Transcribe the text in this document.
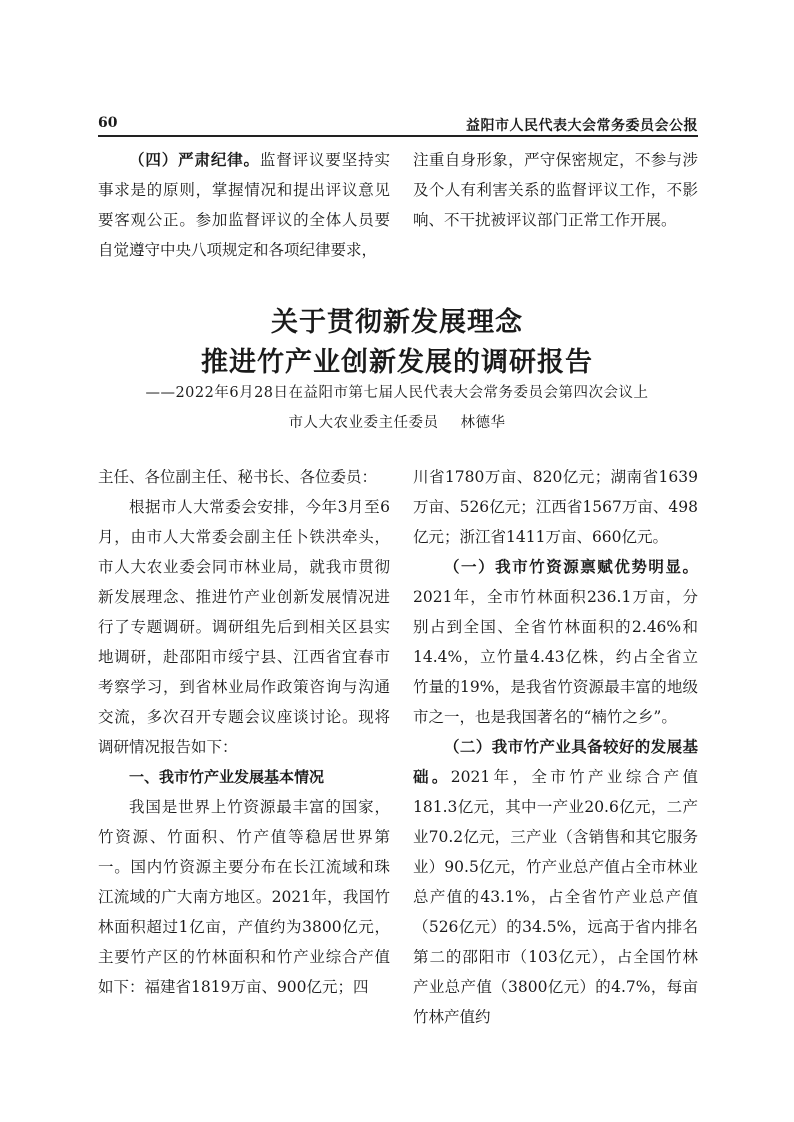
60	益阳市人民代表大会常务委员会公报

（四）严肃纪律。监督评议要坚持实事求是的原则，掌握情况和提出评议意见要客观公正。参加监督评议的全体人员要自觉遵守中央八项规定和各项纪律要求，

注重自身形象，严守保密规定，不参与涉及个人有利害关系的监督评议工作，不影响、不干扰被评议部门正常工作开展。

关于贯彻新发展理念
推进竹产业创新发展的调研报告
——2022年6月28日在益阳市第七届人民代表大会常务委员会第四次会议上
市人大农业委主任委员 林德华

主任、各位副主任、秘书长、各位委员：

根据市人大常委会安排，今年3月至6月，由市人大常委会副主任卜铁洪牵头，市人大农业委会同市林业局，就我市贯彻新发展理念、推进竹产业创新发展情况进行了专题调研。调研组先后到相关区县实地调研，赴邵阳市绥宁县、江西省宜春市考察学习，到省林业局作政策咨询与沟通交流，多次召开专题会议座谈讨论。现将调研情况报告如下：

一、我市竹产业发展基本情况

我国是世界上竹资源最丰富的国家，竹资源、竹面积、竹产值等稳居世界第一。国内竹资源主要分布在长江流域和珠江流域的广大南方地区。2021年，我国竹林面积超过1亿亩，产值约为3800亿元，主要竹产区的竹林面积和竹产业综合产值如下：福建省1819万亩、900亿元；四

川省1780万亩、820亿元；湖南省1639万亩、526亿元；江西省1567万亩、498亿元；浙江省1411万亩、660亿元。

（一）我市竹资源禀赋优势明显。2021年，全市竹林面积236.1万亩，分别占到全国、全省竹林面积的2.46%和14.4%，立竹量4.43亿株，约占全省立竹量的19%，是我省竹资源最丰富的地级市之一，也是我国著名的“楠竹之乡”。

（二）我市竹产业具备较好的发展基础。2021年，全市竹产业综合产值181.3亿元，其中一产业20.6亿元，二产业70.2亿元，三产业（含销售和其它服务业）90.5亿元，竹产业总产值占全市林业总产值的43.1%，占全省竹产业总产值（526亿元）的34.5%，远高于省内排名第二的邵阳市（103亿元），占全国竹林产业总产值（3800亿元）的4.7%，每亩竹林产值约
